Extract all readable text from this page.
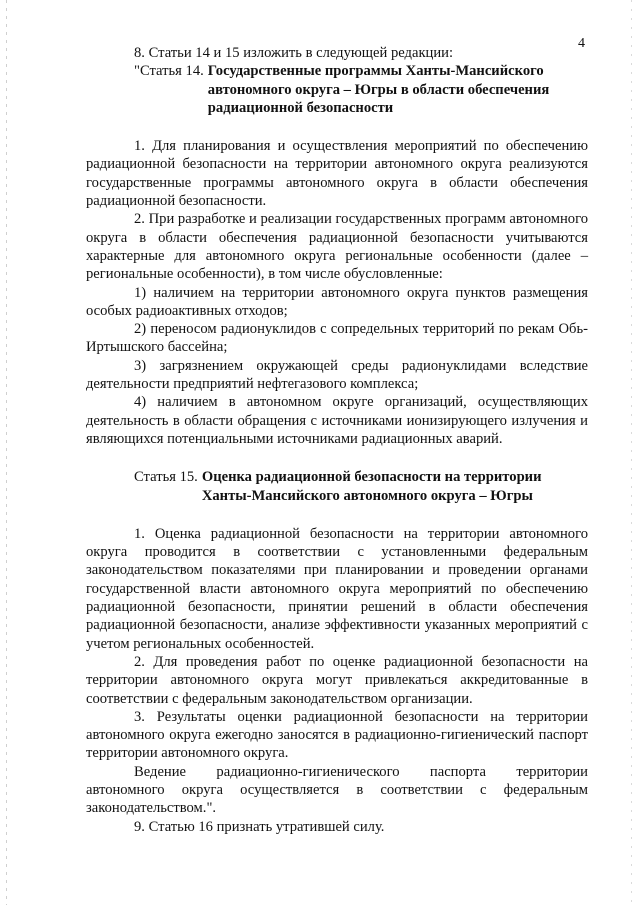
4

8. Статьи 14 и 15 изложить в следующей редакции:

"Статья 14. Государственные программы Ханты-Мансийского автономного округа – Югры в области обеспечения радиационной безопасности

1. Для планирования и осуществления мероприятий по обеспечению радиационной безопасности на территории автономного округа реализуются государственные программы автономного округа в области обеспечения радиационной безопасности.

2. При разработке и реализации государственных программ автономного округа в области обеспечения радиационной безопасности учитываются характерные для автономного округа региональные особенности (далее – региональные особенности), в том числе обусловленные:

1) наличием на территории автономного округа пунктов размещения особых радиоактивных отходов;

2) переносом радионуклидов с сопредельных территорий по рекам Обь-Иртышского бассейна;

3) загрязнением окружающей среды радионуклидами вследствие деятельности предприятий нефтегазового комплекса;

4) наличием в автономном округе организаций, осуществляющих деятельность в области обращения с источниками ионизирующего излучения и являющихся потенциальными источниками радиационных аварий.

Статья 15. Оценка радиационной безопасности на территории Ханты-Мансийского автономного округа – Югры

1. Оценка радиационной безопасности на территории автономного округа проводится в соответствии с установленными федеральным законодательством показателями при планировании и проведении органами государственной власти автономного округа мероприятий по обеспечению радиационной безопасности, принятии решений в области обеспечения радиационной безопасности, анализе эффективности указанных мероприятий с учетом региональных особенностей.

2. Для проведения работ по оценке радиационной безопасности на территории автономного округа могут привлекаться аккредитованные в соответствии с федеральным законодательством организации.

3. Результаты оценки радиационной безопасности на территории автономного округа ежегодно заносятся в радиационно-гигиенический паспорт территории автономного округа.

Ведение радиационно-гигиенического паспорта территории автономного округа осуществляется в соответствии с федеральным законодательством.".

9. Статью 16 признать утратившей силу.
